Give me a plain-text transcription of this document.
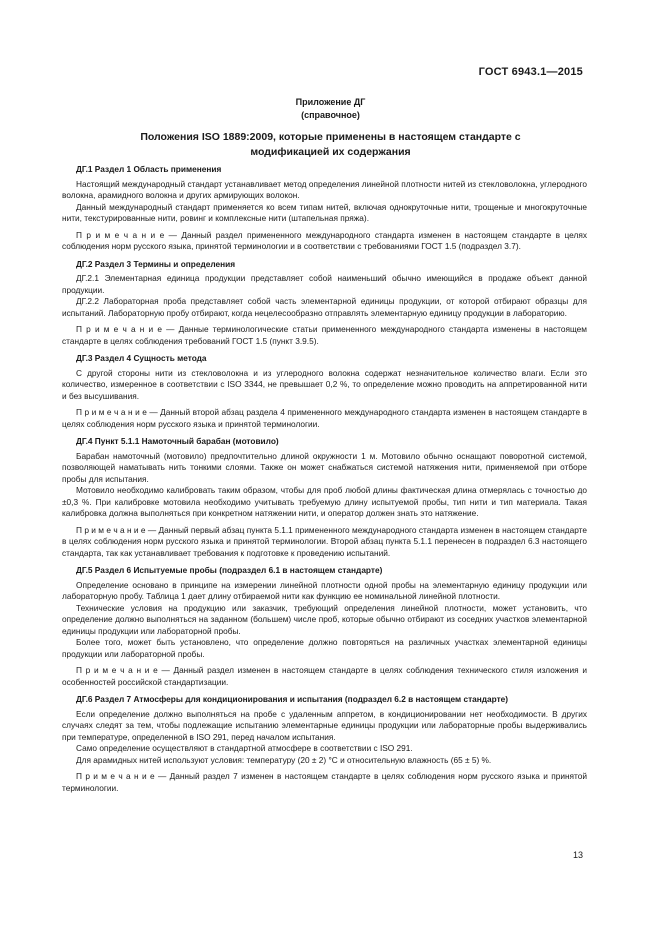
ГОСТ 6943.1—2015
Приложение ДГ
(справочное)
Положения ISO 1889:2009, которые применены в настоящем стандарте с модификацией их содержания

ДГ.1 Раздел 1 Область применения

Настоящий международный стандарт устанавливает метод определения линейной плотности нитей из стекловолокна, углеродного волокна, арамидного волокна и других армирующих волокон.

Данный международный стандарт применяется ко всем типам нитей, включая однокруточные нити, трощеные и многокруточные нити, текстурированные нити, ровинг и комплексные нити (штапельная пряжа).

П р и м е ч а н и е — Данный раздел примененного международного стандарта изменен в настоящем стандарте в целях соблюдения норм русского языка, принятой терминологии и в соответствии с требованиями ГОСТ 1.5 (подраздел 3.7).

ДГ.2 Раздел 3 Термины и определения

ДГ.2.1 Элементарная единица продукции представляет собой наименьший обычно имеющийся в продаже объект данной продукции.

ДГ.2.2 Лабораторная проба представляет собой часть элементарной единицы продукции, от которой отбирают образцы для испытаний. Лабораторную пробу отбирают, когда нецелесообразно отправлять элементарную единицу продукции в лабораторию.

П р и м е ч а н и е — Данные терминологические статьи примененного международного стандарта изменены в настоящем стандарте в целях соблюдения требований ГОСТ 1.5 (пункт 3.9.5).

ДГ.3 Раздел 4 Сущность метода

С другой стороны нити из стекловолокна и из углеродного волокна содержат незначительное количество влаги. Если это количество, измеренное в соответствии с ISO 3344, не превышает 0,2 %, то определение можно проводить на аппретированной нити и без высушивания.

П р и м е ч а н и е — Данный второй абзац раздела 4 примененного международного стандарта изменен в настоящем стандарте в целях соблюдения норм русского языка и принятой терминологии.

ДГ.4 Пункт 5.1.1 Намоточный барабан (мотовило)

Барабан намоточный (мотовило) предпочтительно длиной окружности 1 м. Мотовило обычно оснащают поворотной системой, позволяющей наматывать нить тонкими слоями. Также он может снабжаться системой натяжения нити, применяемой при отборе пробы для испытания.

Мотовило необходимо калибровать таким образом, чтобы для проб любой длины фактическая длина отмерялась с точностью до ±0,3 %. При калибровке мотовила необходимо учитывать требуемую длину испытуемой пробы, тип нити и тип материала. Такая калибровка должна выполняться при конкретном натяжении нити, и оператор должен знать это натяжение.

П р и м е ч а н и е — Данный первый абзац пункта 5.1.1 примененного международного стандарта изменен в настоящем стандарте в целях соблюдения норм русского языка и принятой терминологии. Второй абзац пункта 5.1.1 перенесен в подраздел 6.3 настоящего стандарта, так как устанавливает требования к подготовке к проведению испытаний.

ДГ.5 Раздел 6 Испытуемые пробы (подраздел 6.1 в настоящем стандарте)

Определение основано в принципе на измерении линейной плотности одной пробы на элементарную единицу продукции или лабораторную пробу. Таблица 1 дает длину отбираемой нити как функцию ее номинальной линейной плотности.

Технические условия на продукцию или заказчик, требующий определения линейной плотности, может установить, что определение должно выполняться на заданном (большем) числе проб, которые обычно отбирают из соседних участков элементарной единицы продукции или лабораторной пробы.

Более того, может быть установлено, что определение должно повторяться на различных участках элементарной единицы продукции или лабораторной пробы.

П р и м е ч а н и е — Данный раздел изменен в настоящем стандарте в целях соблюдения технического стиля изложения и особенностей российской стандартизации.

ДГ.6 Раздел 7 Атмосферы для кондиционирования и испытания (подраздел 6.2 в настоящем стандарте)

Если определение должно выполняться на пробе с удаленным аппретом, в кондиционировании нет необходимости. В других случаях следят за тем, чтобы подлежащие испытанию элементарные единицы продукции или лабораторные пробы выдерживались при температуре, определенной в ISO 291, перед началом испытания.

Само определение осуществляют в стандартной атмосфере в соответствии с ISO 291.

Для арамидных нитей используют условия: температуру (20 ± 2) °С и относительную влажность (65 ± 5) %.

П р и м е ч а н и е — Данный раздел 7 изменен в настоящем стандарте в целях соблюдения норм русского языка и принятой терминологии.

13
